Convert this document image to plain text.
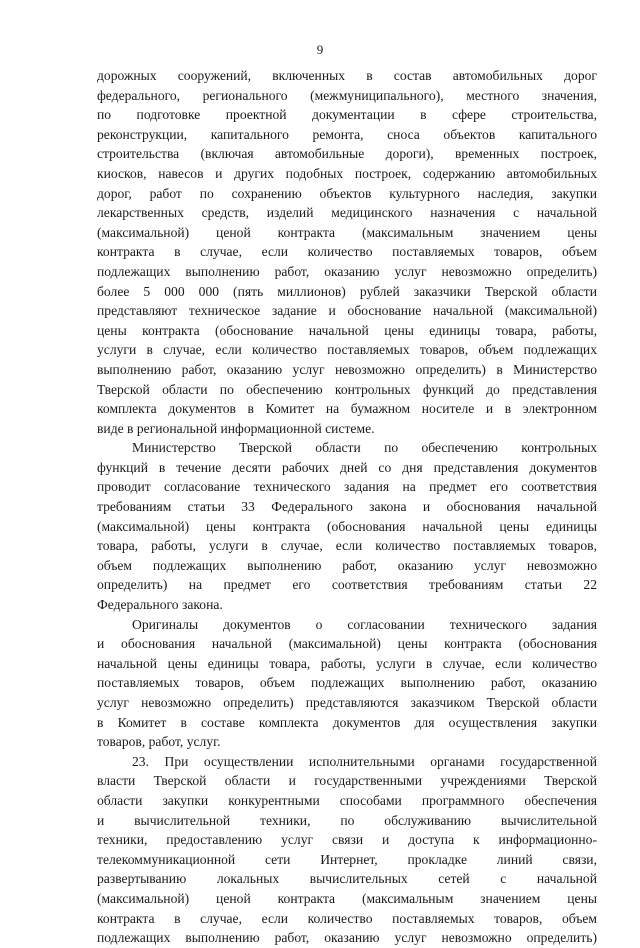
9
дорожных сооружений, включенных в состав автомобильных дорог
федерального, регионального (межмуниципального), местного значения,
по подготовке проектной документации в сфере строительства,
реконструкции, капитального ремонта, сноса объектов капитального
строительства (включая автомобильные дороги), временных построек,
киосков, навесов и других подобных построек, содержанию автомобильных
дорог, работ по сохранению объектов культурного наследия, закупки
лекарственных средств, изделий медицинского назначения с начальной
(максимальной) ценой контракта (максимальным значением цены
контракта в случае, если количество поставляемых товаров, объем
подлежащих выполнению работ, оказанию услуг невозможно определить)
более 5 000 000 (пять миллионов) рублей заказчики Тверской области
представляют техническое задание и обоснование начальной (максимальной)
цены контракта (обоснование начальной цены единицы товара, работы,
услуги в случае, если количество поставляемых товаров, объем подлежащих
выполнению работ, оказанию услуг невозможно определить) в Министерство
Тверской области по обеспечению контрольных функций до представления
комплекта документов в Комитет на бумажном носителе и в электронном
виде в региональной информационной системе.
Министерство Тверской области по обеспечению контрольных
функций в течение десяти рабочих дней со дня представления документов
проводит согласование технического задания на предмет его соответствия
требованиям статьи 33 Федерального закона и обоснования начальной
(максимальной) цены контракта (обоснования начальной цены единицы
товара, работы, услуги в случае, если количество поставляемых товаров,
объем подлежащих выполнению работ, оказанию услуг невозможно
определить) на предмет его соответствия требованиям статьи 22
Федерального закона.
Оригиналы документов о согласовании технического задания
и обоснования начальной (максимальной) цены контракта (обоснования
начальной цены единицы товара, работы, услуги в случае, если количество
поставляемых товаров, объем подлежащих выполнению работ, оказанию
услуг невозможно определить) представляются заказчиком Тверской области
в Комитет в составе комплекта документов для осуществления закупки
товаров, работ, услуг.
23. При осуществлении исполнительными органами государственной
власти Тверской области и государственными учреждениями Тверской
области закупки конкурентными способами программного обеспечения
и вычислительной техники, по обслуживанию вычислительной
техники, предоставлению услуг связи и доступа к информационно-
телекоммуникационной сети Интернет, прокладке линий связи,
развертыванию локальных вычислительных сетей с начальной
(максимальной) ценой контракта (максимальным значением цены
контракта в случае, если количество поставляемых товаров, объем
подлежащих выполнению работ, оказанию услуг невозможно определить)
